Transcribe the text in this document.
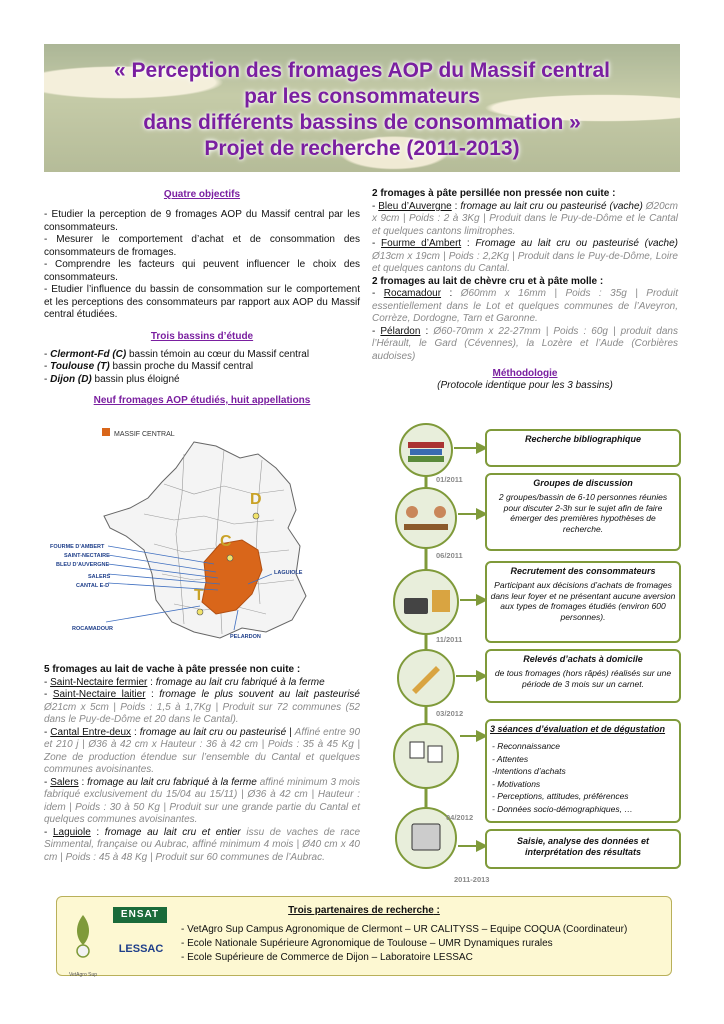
« Perception des fromages AOP du Massif central
par les consommateurs
dans différents bassins de consommation »
Projet de recherche (2011-2013)
Quatre objectifs
- Etudier la perception de 9 fromages AOP du Massif central par les consommateurs.
- Mesurer le comportement d’achat et de consommation des consommateurs de fromages.
- Comprendre les facteurs qui peuvent influencer le choix des consommateurs.
- Etudier l’influence du bassin de consommation sur le comportement et les perceptions des consommateurs par rapport aux AOP du Massif central étudiées.
Trois bassins d’étude
- Clermont-Fd (C) bassin témoin au cœur du Massif central
- Toulouse (T) bassin proche du Massif central
- Dijon (D) bassin plus éloigné
Neuf fromages AOP étudiés, huit appellations
MASSIF CENTRAL
D
C
T
FOURME D’AMBERT
SAINT-NECTAIRE
BLEU D’AUVERGNE
SALERS
CANTAL E-D
ROCAMADOUR
LAGUIOLE
PELARDON
5 fromages au lait de vache à pâte pressée non cuite :
- Saint-Nectaire fermier : fromage au lait cru fabriqué à la ferme
- Saint-Nectaire laitier : fromage le plus souvent au lait pasteurisé Ø21cm x 5cm | Poids : 1,5 à 1,7Kg | Produit sur 72 communes (52 dans le Puy-de-Dôme et 20 dans le Cantal).
- Cantal Entre-deux : fromage au lait cru ou pasteurisé | Affiné entre 90 et 210 j | Ø36 à 42 cm x Hauteur : 36 à 42 cm | Poids : 35 à 45 Kg | Zone de production étendue sur l’ensemble du Cantal et quelques communes avoisinantes.
- Salers : fromage au lait cru fabriqué à la ferme affiné minimum 3 mois fabriqué exclusivement du 15/04 au 15/11) | Ø36 à 42 cm | Hauteur : idem | Poids : 30 à 50 Kg | Produit sur une grande partie du Cantal et quelques communes avoisinantes.
- Laguiole : fromage au lait cru et entier issu de vaches de race Simmental, française ou Aubrac, affiné minimum 4 mois | Ø40 cm x 40 cm | Poids : 45 à 48 Kg | Produit sur 60 communes de l’Aubrac.
2 fromages à pâte persillée non pressée non cuite :
- Bleu d’Auvergne : fromage au lait cru ou pasteurisé (vache) Ø20cm x 9cm | Poids : 2 à 3Kg | Produit dans le Puy-de-Dôme et le Cantal et quelques cantons limitrophes.
- Fourme d’Ambert : Fromage au lait cru ou pasteurisé (vache) Ø13cm x 19cm | Poids : 2,2Kg | Produit dans le Puy-de-Dôme, Loire et quelques cantons du Cantal.
2 fromages au lait de chèvre cru et à pâte molle :
- Rocamadour : Ø60mm x 16mm | Poids : 35g | Produit essentiellement dans le Lot et quelques communes de l’Aveyron, Corrèze, Dordogne, Tarn et Garonne.
- Pélardon : Ø60-70mm x 22-27mm | Poids : 60g | produit dans l’Hérault, le Gard (Cévennes), la Lozère et l’Aude (Corbières audoises)
Méthodologie
(Protocole identique pour les 3 bassins)
01/2011
06/2011
11/2011
03/2012
04/2012
2011-2013
Recherche bibliographique
Groupes de discussion
2 groupes/bassin de 6-10 personnes réunies pour discuter 2-3h sur le sujet afin de faire émerger des premières hypothèses de recherche.
Recrutement des consommateurs
Participant aux décisions d’achats de fromages dans leur foyer et ne présentant aucune aversion aux types de fromages étudiés (environ 600 personnes).
Relevés d’achats à domicile
de tous fromages (hors râpés) réalisés sur une période de 3 mois sur un carnet.
3 séances d’évaluation et de dégustation
- Reconnaissance
- Attentes
-Intentions d’achats
- Motivations
- Perceptions, attitudes, préférences
- Données socio-démographiques, …
Saisie, analyse des données et interprétation des résultats
Trois partenaires de recherche :
VetAgro Sup
ENSAT
LESSAC
- VetAgro Sup Campus Agronomique de Clermont – UR CALITYSS – Equipe COQUA (Coordinateur)
- Ecole Nationale Supérieure Agronomique de Toulouse – UMR Dynamiques rurales
- Ecole Supérieure de Commerce de Dijon – Laboratoire LESSAC
